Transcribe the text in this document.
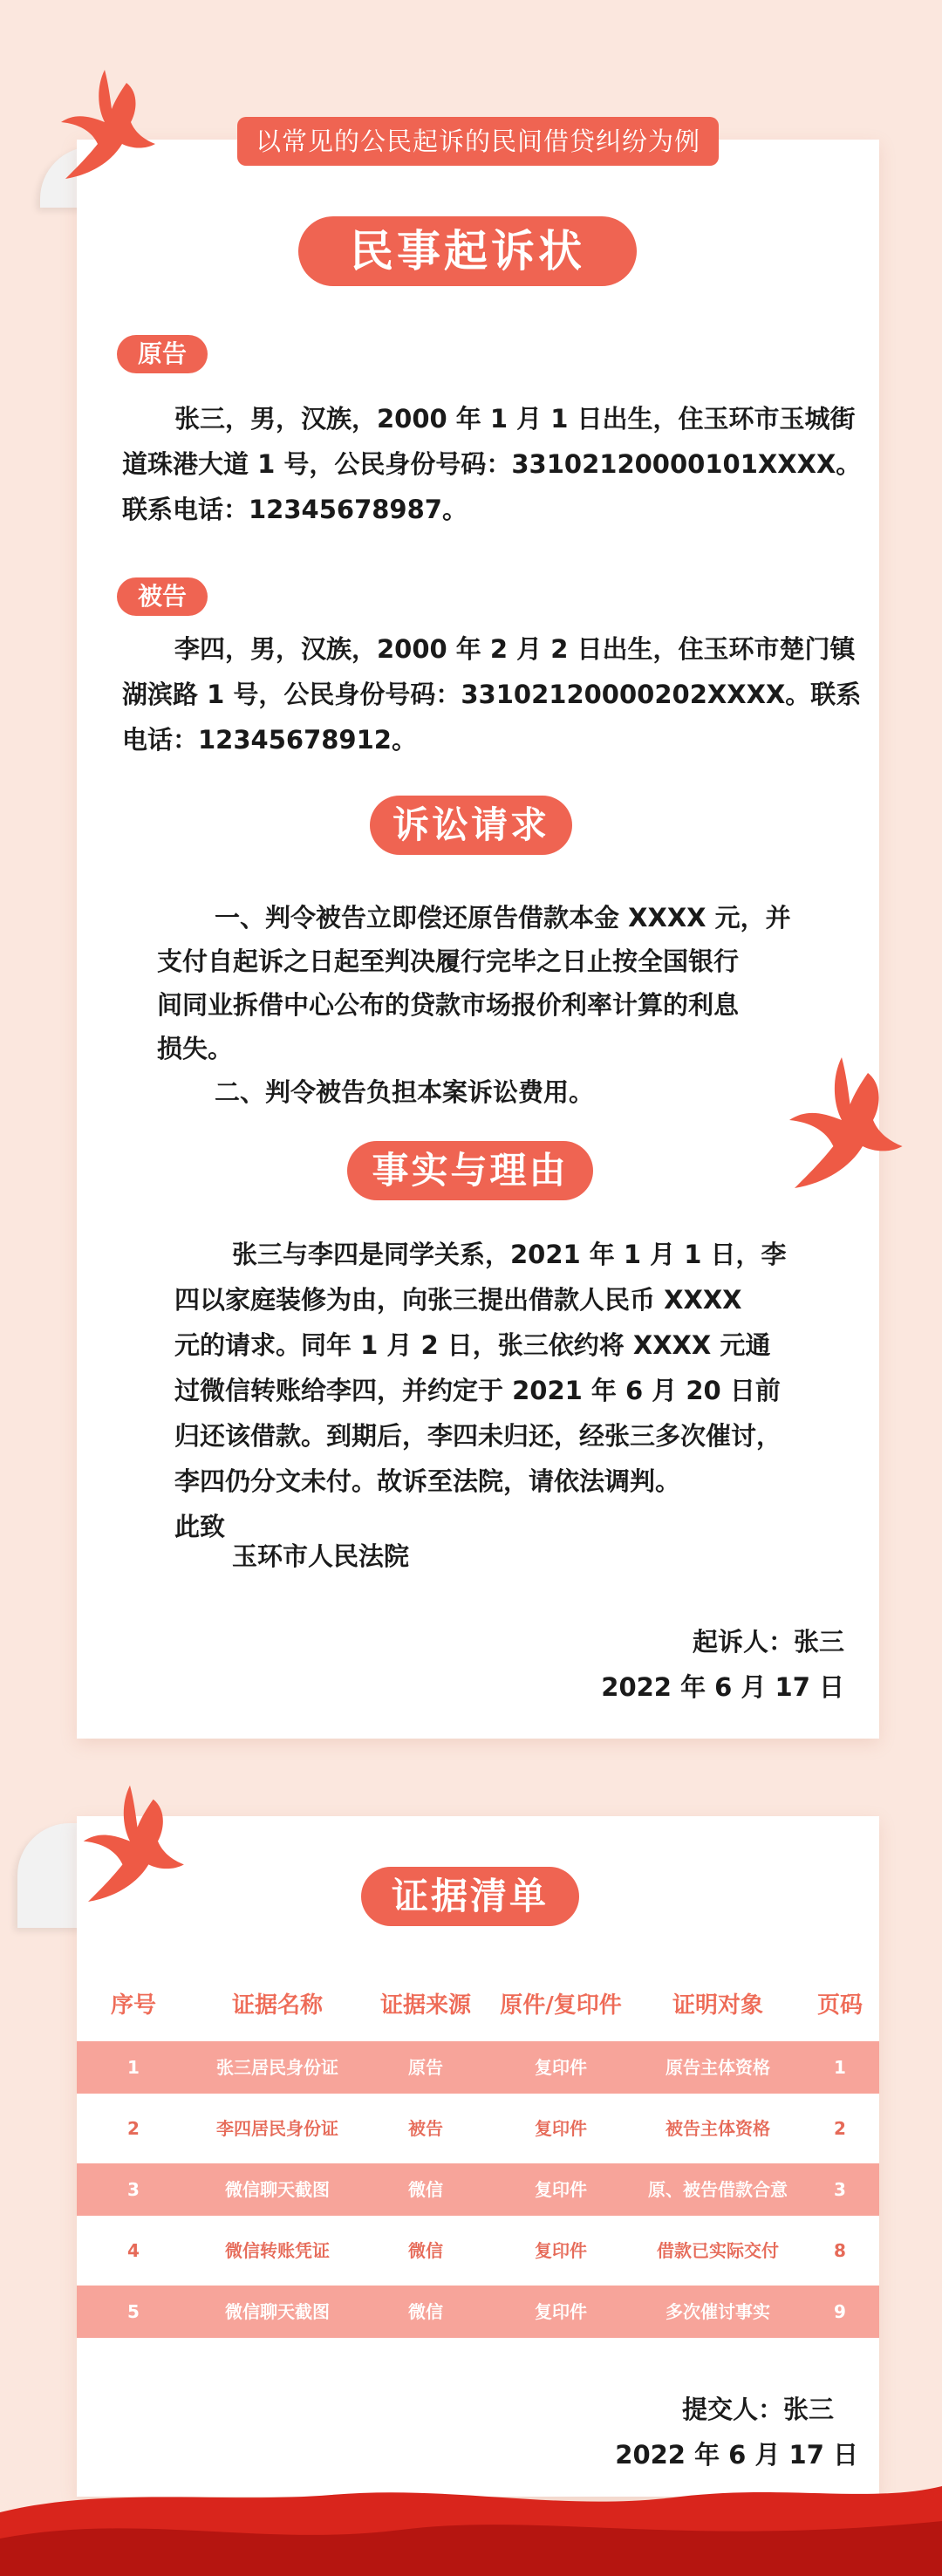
以常见的公民起诉的民间借贷纠纷为例
民事起诉状
原告
张三，男，汉族，2000 年 1 月 1 日出生，住玉环市玉城街
道珠港大道 1 号，公民身份号码：33102120000101XXXX。
联系电话：12345678987。
被告
李四，男，汉族，2000 年 2 月 2 日出生，住玉环市楚门镇
湖滨路 1 号，公民身份号码：33102120000202XXXX。联系
电话：12345678912。
诉讼请求
一、判令被告立即偿还原告借款本金 XXXX 元，并
支付自起诉之日起至判决履行完毕之日止按全国银行
间同业拆借中心公布的贷款市场报价利率计算的利息
损失。
二、判令被告负担本案诉讼费用。
事实与理由
张三与李四是同学关系，2021 年 1 月 1 日，李
四以家庭装修为由，向张三提出借款人民币 XXXX
元的请求。同年 1 月 2 日，张三依约将 XXXX 元通
过微信转账给李四，并约定于 2021 年 6 月 20 日前
归还该借款。到期后，李四未归还，经张三多次催讨，
李四仍分文未付。故诉至法院，请依法调判。
此致
玉环市人民法院
起诉人：张三
2022 年 6 月 17 日
证据清单
序号	证据名称	证据来源	原件/复印件	证明对象	页码
1	张三居民身份证	原告	复印件	原告主体资格	1
2	李四居民身份证	被告	复印件	被告主体资格	2
3	微信聊天截图	微信	复印件	原、被告借款合意	3
4	微信转账凭证	微信	复印件	借款已实际交付	8
5	微信聊天截图	微信	复印件	多次催讨事实	9
提交人：张三
2022 年 6 月 17 日
